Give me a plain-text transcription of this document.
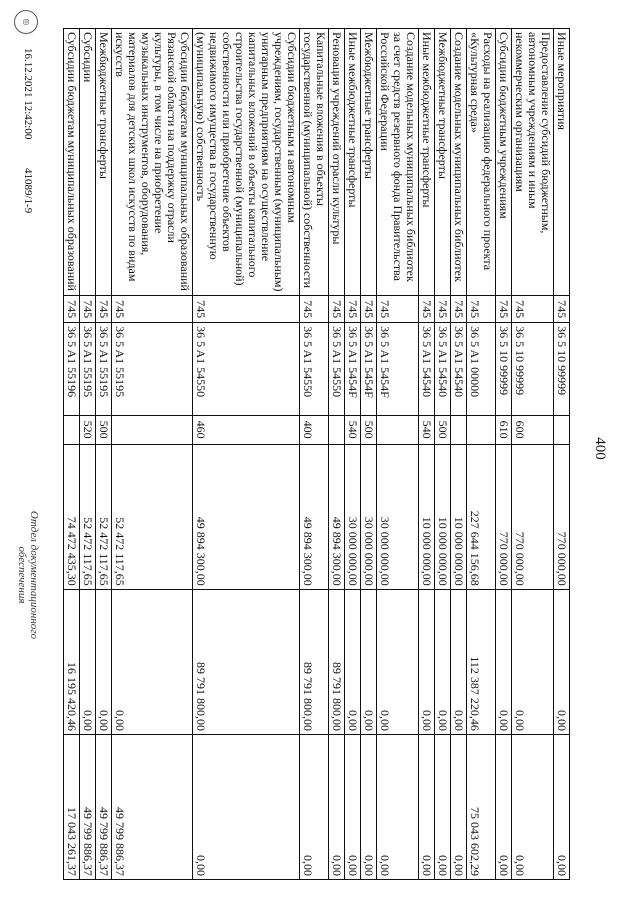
400
Иные мероприятия	745	36 5 10 99999		770 000,00	0,00	0,00
Предоставление субсидий бюджетным, автономным учреждениям и иным некоммерческим организациям	745	36 5 10 99999	600	770 000,00	0,00	0,00
Субсидии бюджетным учреждениям	745	36 5 10 99999	610	770 000,00	0,00	0,00
Расходы на реализацию федерального проекта «Культурная среда»	745	36 5 A1 00000		227 644 156,68	112 387 220,46	75 043 602,29
Создание модельных муниципальных библиотек	745	36 5 A1 54540		10 000 000,00	0,00	0,00
Межбюджетные трансферты	745	36 5 A1 54540	500	10 000 000,00	0,00	0,00
Иные межбюджетные трансферты	745	36 5 A1 54540	540	10 000 000,00	0,00	0,00
Создание модельных муниципальных библиотек за счет средств резервного фонда Правительства Российской Федерации	745	36 5 A1 5454F		30 000 000,00	0,00	0,00
Межбюджетные трансферты	745	36 5 A1 5454F	500	30 000 000,00	0,00	0,00
Иные межбюджетные трансферты	745	36 5 A1 5454F	540	30 000 000,00	0,00	0,00
Реновация учреждений отрасли культуры	745	36 5 A1 54550		49 894 300,00	89 791 800,00	0,00
Капитальные вложения в объекты государственной (муниципальной) собственности	745	36 5 A1 54550	400	49 894 300,00	89 791 800,00	0,00
Субсидии бюджетным и автономным учреждениям, государственным (муниципальным) унитарным предприятиям на осуществление капитальных вложений в объекты капитального строительства государственной (муниципальной) собственности или приобретение объектов недвижимого имущества в государственную (муниципальную) собственность	745	36 5 A1 54550	460	49 894 300,00	89 791 800,00	0,00
Субсидии бюджетам муниципальных образований Рязанской области на поддержку отрасли культуры, в том числе на приобретение музыкальных инструментов, оборудования, материалов для детских школ искусств по видам искусств	745	36 5 A1 55195		52 472 117,65	0,00	49 799 886,37
Межбюджетные трансферты	745	36 5 A1 55195	500	52 472 117,65	0,00	49 799 886,37
Субсидии	745	36 5 A1 55195	520	52 472 117,65	0,00	49 799 886,37
Субсидии бюджетам муниципальных образований	745	36 5 A1 55196		74 472 435,30	16 195 420,46	17 043 261,37
◎
16.12.2021 12:42:00
41089/1-9
Отдел документационного
обеспечения
